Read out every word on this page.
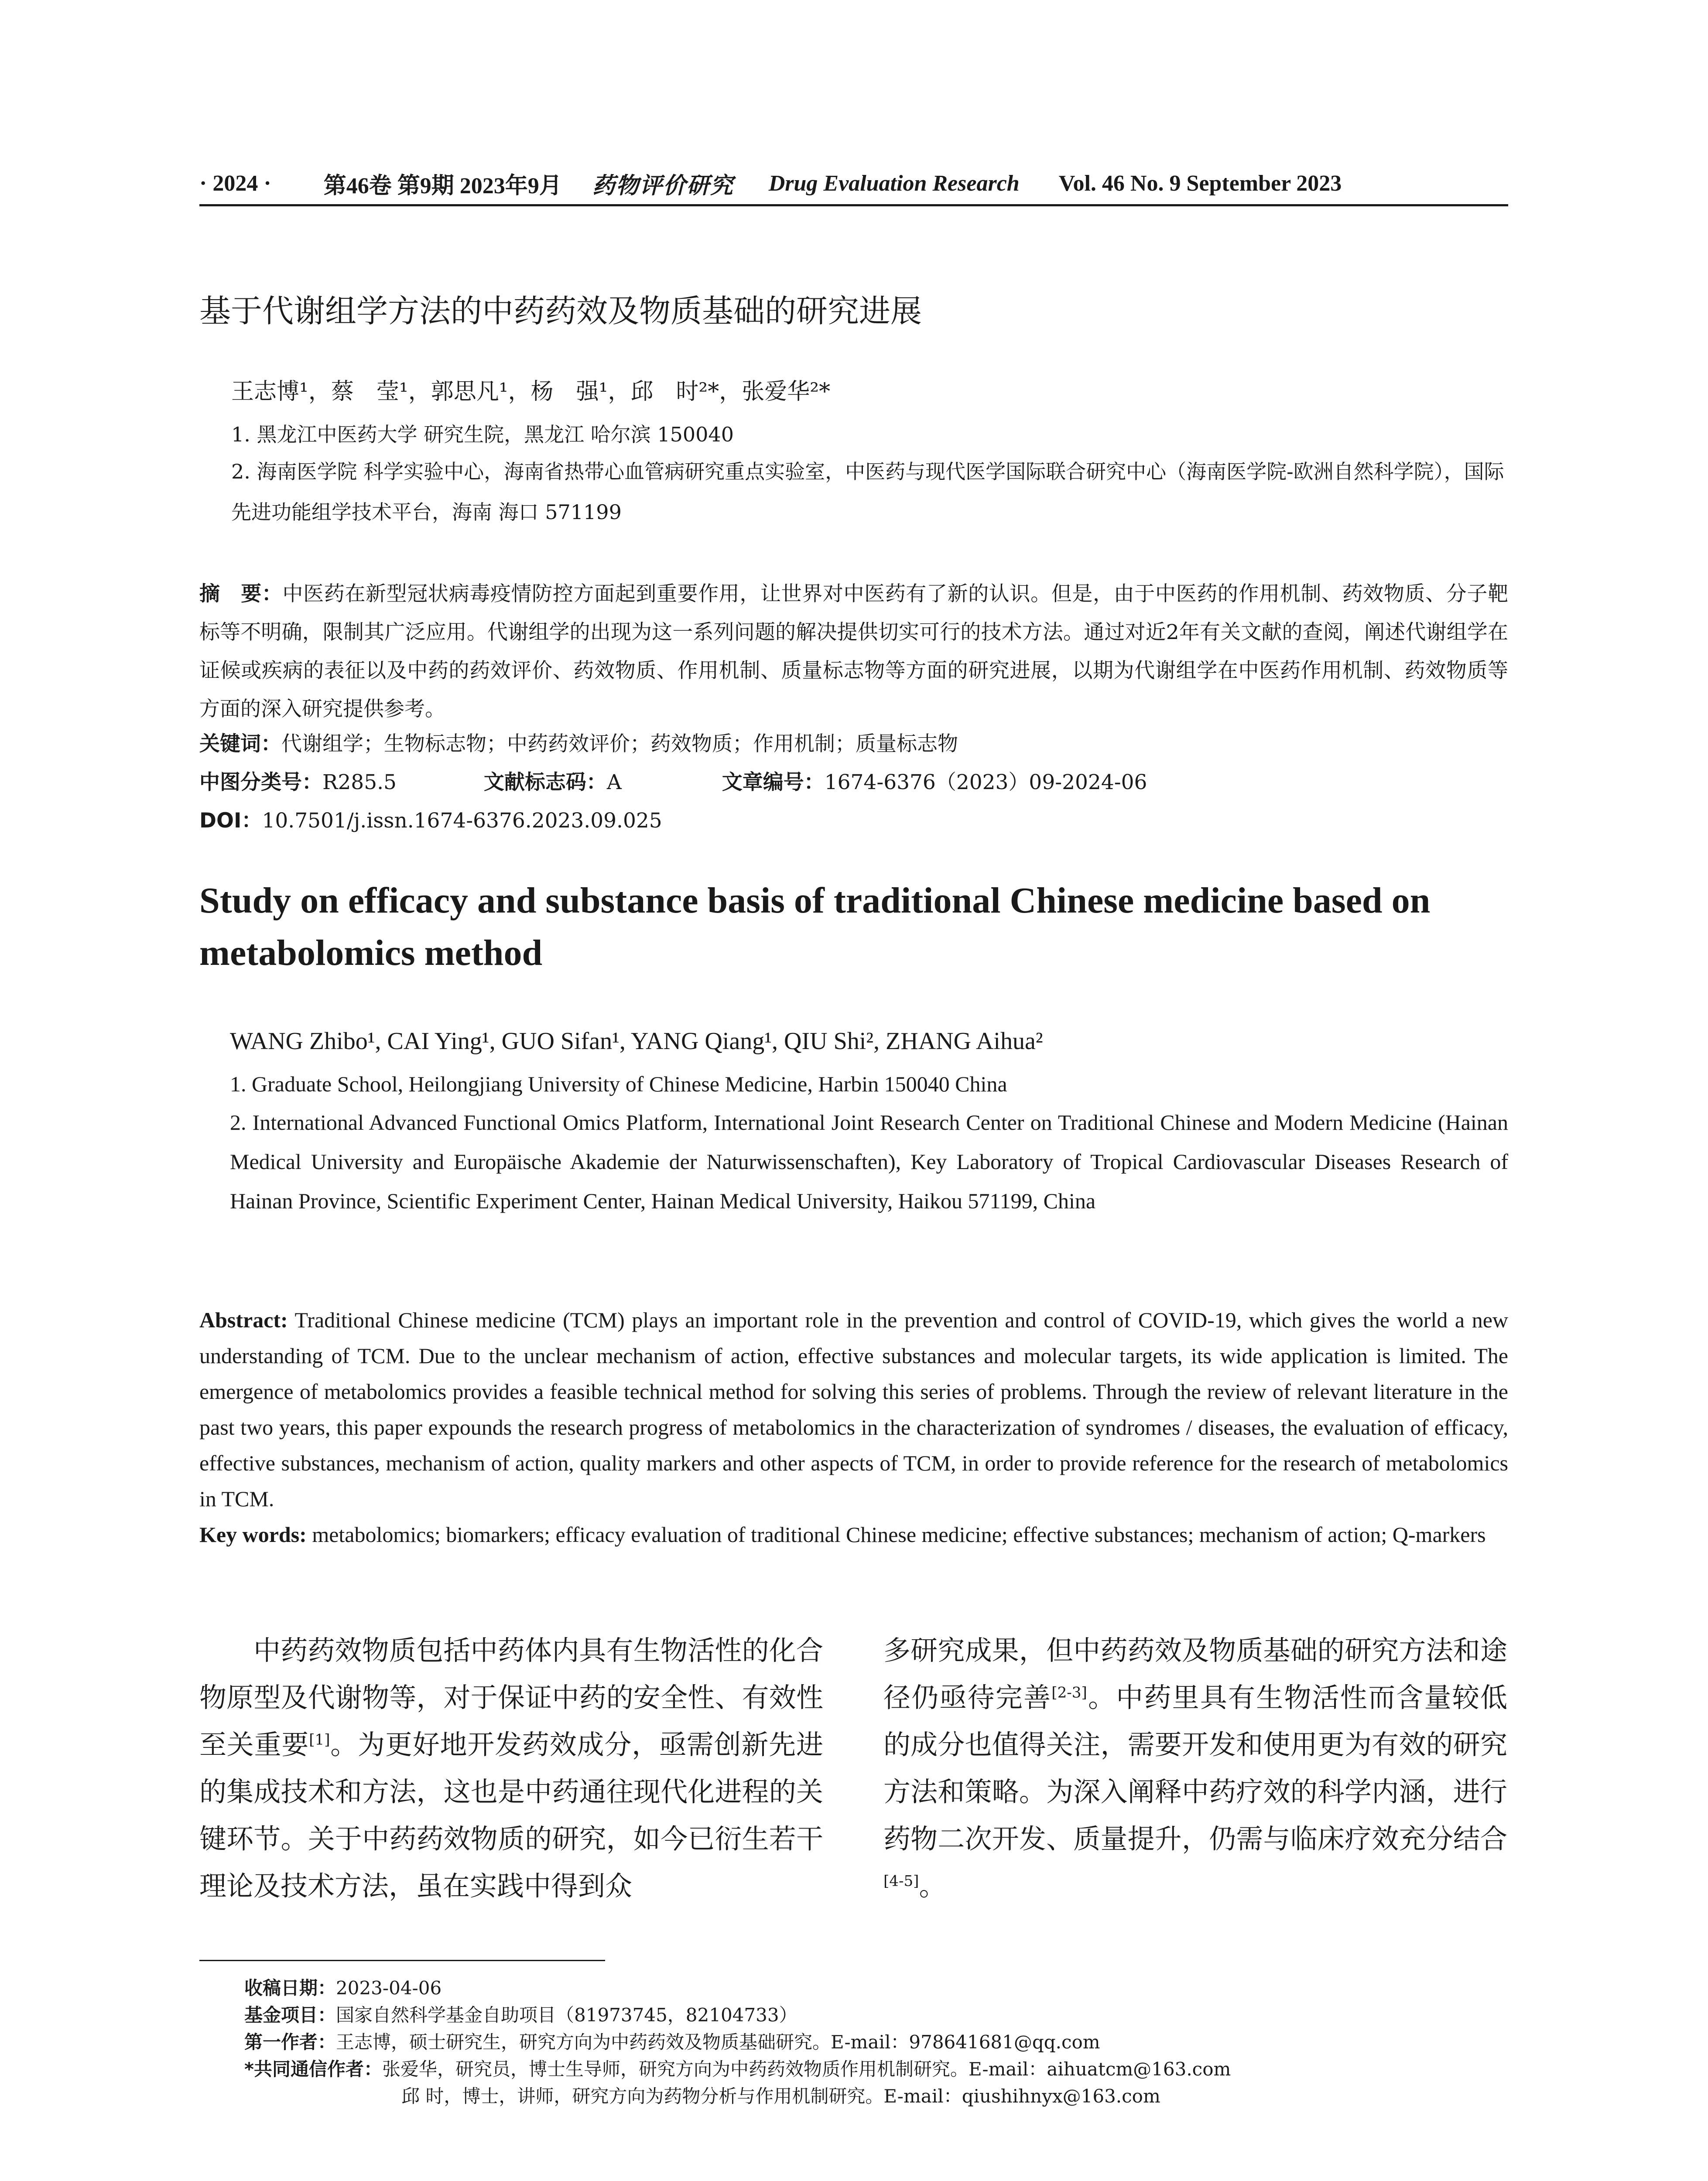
· 2024 · 第46卷 第9期 2023年9月 药物评价研究 Drug Evaluation Research Vol. 46 No. 9 September 2023
基于代谢组学方法的中药药效及物质基础的研究进展
王志博¹，蔡　莹¹，郭思凡¹，杨　强¹，邱　时²*，张爱华²*
1. 黑龙江中医药大学 研究生院，黑龙江 哈尔滨 150040
2. 海南医学院 科学实验中心，海南省热带心血管病研究重点实验室，中医药与现代医学国际联合研究中心（海南医学院-欧洲自然科学院），国际先进功能组学技术平台，海南 海口 571199
摘　要：中医药在新型冠状病毒疫情防控方面起到重要作用，让世界对中医药有了新的认识。但是，由于中医药的作用机制、药效物质、分子靶标等不明确，限制其广泛应用。代谢组学的出现为这一系列问题的解决提供切实可行的技术方法。通过对近2年有关文献的查阅，阐述代谢组学在证候或疾病的表征以及中药的药效评价、药效物质、作用机制、质量标志物等方面的研究进展，以期为代谢组学在中医药作用机制、药效物质等方面的深入研究提供参考。
关键词：代谢组学；生物标志物；中药药效评价；药效物质；作用机制；质量标志物
中图分类号：R285.5	文献标志码：A	文章编号：1674-6376（2023）09-2024-06
DOI：10.7501/j.issn.1674-6376.2023.09.025
Study on efficacy and substance basis of traditional Chinese medicine based on metabolomics method
WANG Zhibo¹, CAI Ying¹, GUO Sifan¹, YANG Qiang¹, QIU Shi², ZHANG Aihua²
1. Graduate School, Heilongjiang University of Chinese Medicine, Harbin 150040 China
2. International Advanced Functional Omics Platform, International Joint Research Center on Traditional Chinese and Modern Medicine (Hainan Medical University and Europäische Akademie der Naturwissenschaften), Key Laboratory of Tropical Cardiovascular Diseases Research of Hainan Province, Scientific Experiment Center, Hainan Medical University, Haikou 571199, China
Abstract: Traditional Chinese medicine (TCM) plays an important role in the prevention and control of COVID-19, which gives the world a new understanding of TCM. Due to the unclear mechanism of action, effective substances and molecular targets, its wide application is limited. The emergence of metabolomics provides a feasible technical method for solving this series of problems. Through the review of relevant literature in the past two years, this paper expounds the research progress of metabolomics in the characterization of syndromes / diseases, the evaluation of efficacy, effective substances, mechanism of action, quality markers and other aspects of TCM, in order to provide reference for the research of metabolomics in TCM.
Key words: metabolomics; biomarkers; efficacy evaluation of traditional Chinese medicine; effective substances; mechanism of action; Q-markers
中药药效物质包括中药体内具有生物活性的化合物原型及代谢物等，对于保证中药的安全性、有效性至关重要[1]。为更好地开发药效成分，亟需创新先进的集成技术和方法，这也是中药通往现代化进程的关键环节。关于中药药效物质的研究，如今已衍生若干理论及技术方法，虽在实践中得到众
多研究成果，但中药药效及物质基础的研究方法和途径仍亟待完善[2-3]。中药里具有生物活性而含量较低的成分也值得关注，需要开发和使用更为有效的研究方法和策略。为深入阐释中药疗效的科学内涵，进行药物二次开发、质量提升，仍需与临床疗效充分结合[4-5]。
收稿日期：2023-04-06
基金项目：国家自然科学基金自助项目（81973745，82104733）
第一作者：王志博，硕士研究生，研究方向为中药药效及物质基础研究。E-mail：978641681@qq.com
*共同通信作者：张爱华，研究员，博士生导师，研究方向为中药药效物质作用机制研究。E-mail：aihuatcm@163.com
邱 时，博士，讲师，研究方向为药物分析与作用机制研究。E-mail：qiushihnyx@163.com
